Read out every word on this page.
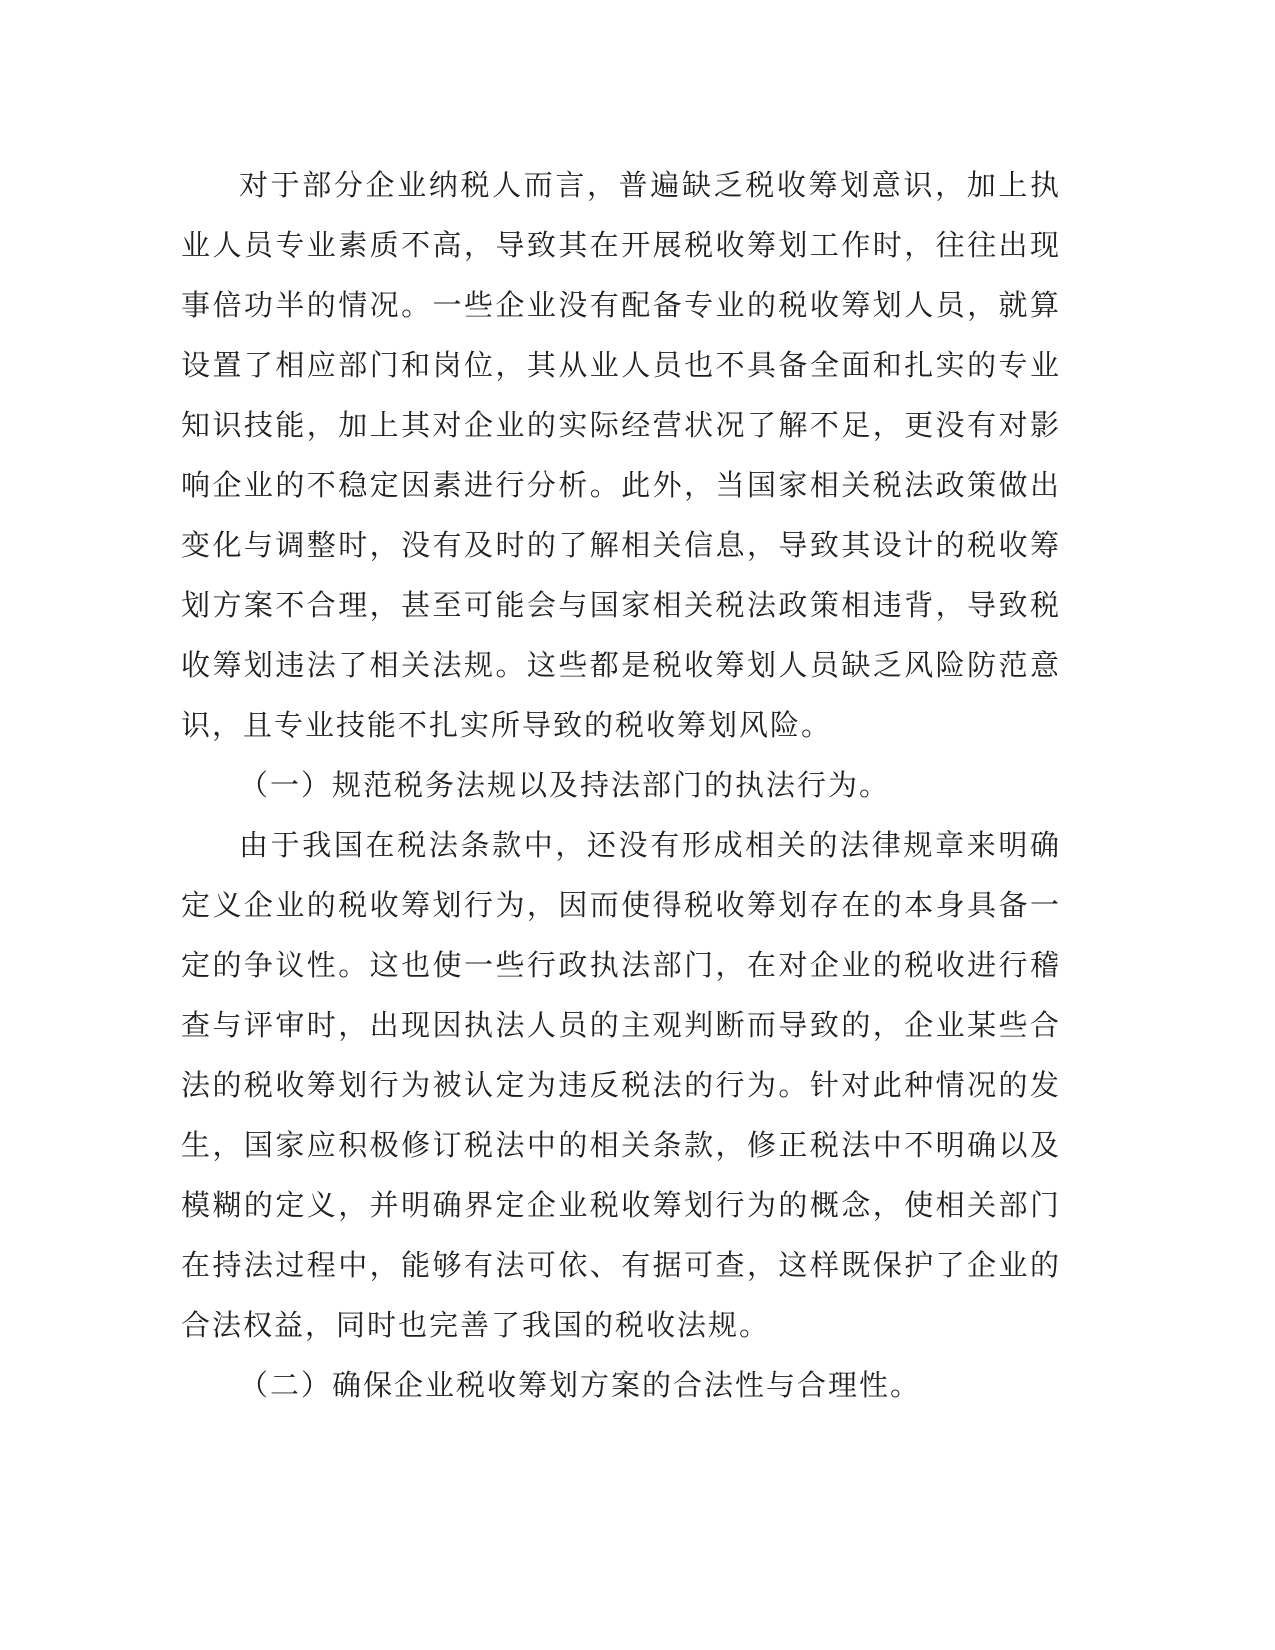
对于部分企业纳税人而言，普遍缺乏税收筹划意识，加上执业人员专业素质不高，导致其在开展税收筹划工作时，往往出现事倍功半的情况。一些企业没有配备专业的税收筹划人员，就算设置了相应部门和岗位，其从业人员也不具备全面和扎实的专业知识技能，加上其对企业的实际经营状况了解不足，更没有对影响企业的不稳定因素进行分析。此外，当国家相关税法政策做出变化与调整时，没有及时的了解相关信息，导致其设计的税收筹划方案不合理，甚至可能会与国家相关税法政策相违背，导致税收筹划违法了相关法规。这些都是税收筹划人员缺乏风险防范意识，且专业技能不扎实所导致的税收筹划风险。

（一）规范税务法规以及持法部门的执法行为。

由于我国在税法条款中，还没有形成相关的法律规章来明确定义企业的税收筹划行为，因而使得税收筹划存在的本身具备一定的争议性。这也使一些行政执法部门，在对企业的税收进行稽查与评审时，出现因执法人员的主观判断而导致的，企业某些合法的税收筹划行为被认定为违反税法的行为。针对此种情况的发生，国家应积极修订税法中的相关条款，修正税法中不明确以及模糊的定义，并明确界定企业税收筹划行为的概念，使相关部门在持法过程中，能够有法可依、有据可查，这样既保护了企业的合法权益，同时也完善了我国的税收法规。

（二）确保企业税收筹划方案的合法性与合理性。
